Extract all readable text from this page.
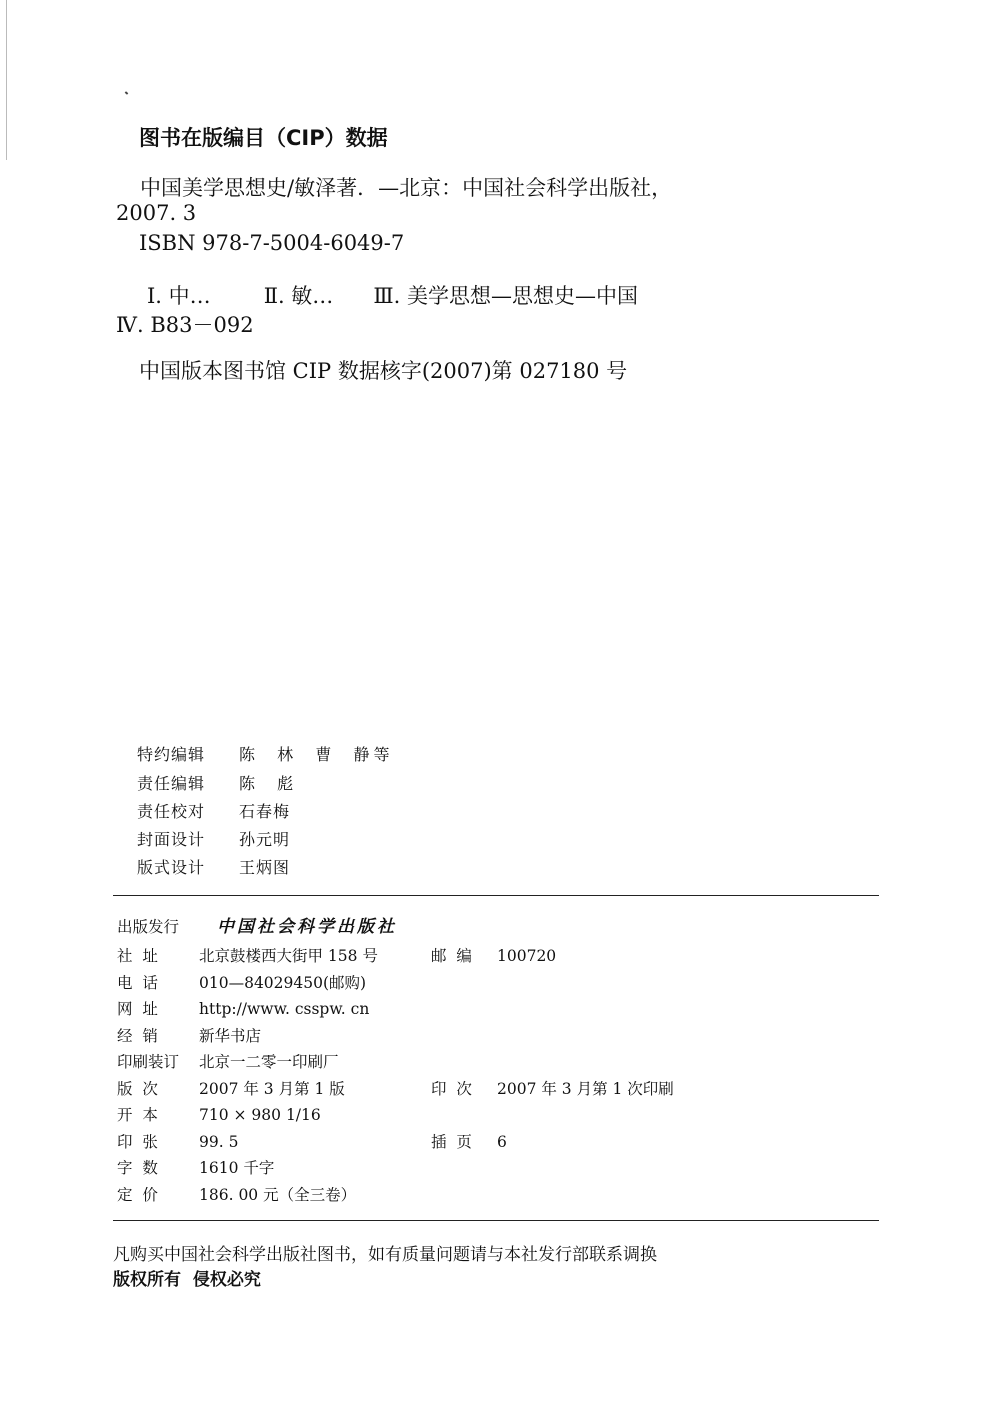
图书在版编目（CIP）数据
中国美学思想史/敏泽著．—北京：中国社会科学出版社，
2007. 3
ISBN 978-7-5004-6049-7
Ⅰ. 中…	Ⅱ. 敏… Ⅲ. 美学思想—思想史—中国
Ⅳ. B83－092
中国版本图书馆 CIP 数据核字(2007)第 027180 号
特约编辑 陈  林  曹  静等
责任编辑 陈  彪
责任校对 石春梅
封面设计 孙元明
版式设计 王炳图
出版发行 中国社会科学出版社
社  址	北京鼓楼西大街甲 158 号	邮  编 100720
电  话	010—84029450(邮购)
网  址	http://www. csspw. cn
经  销	新华书店
印刷装订 北京一二零一印刷厂
版  次	2007 年 3 月第 1 版	印  次 2007 年 3 月第 1 次印刷
开  本	710 × 980 1/16
印  张	99. 5	插  页 6
字  数	1610 千字
定  价	186. 00 元（全三卷）
凡购买中国社会科学出版社图书，如有质量问题请与本社发行部联系调换
版权所有  侵权必究
